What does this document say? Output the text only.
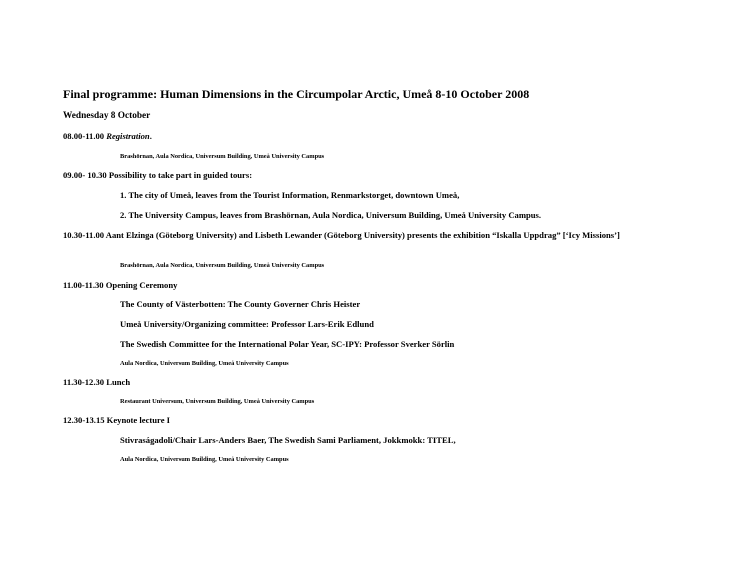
Final programme: Human Dimensions in the Circumpolar Arctic, Umeå 8-10 October 2008
Wednesday 8 October
08.00-11.00 Registration.
Brashörnan, Aula Nordica, Universum Building, Umeå University Campus
09.00- 10.30 Possibility to take part in guided tours:
1. The city of Umeå, leaves from the Tourist Information, Renmarkstorget, downtown Umeå,
2. The University Campus, leaves from Brashörnan, Aula Nordica, Universum Building, Umeå University Campus.
10.30-11.00 Aant Elzinga (Göteborg University) and Lisbeth Lewander (Göteborg University) presents the exhibition “Iskalla Uppdrag” [‘Icy Missions’]
Brashörnan, Aula Nordica, Universum Building, Umeå University Campus
11.00-11.30 Opening Ceremony
The County of Västerbotten: The County Governer Chris Heister
Umeå University/Organizing committee: Professor Lars-Erik Edlund
The Swedish Committee for the International Polar Year, SC-IPY: Professor Sverker Sörlin
Aula Nordica, Universum Building, Umeå University Campus
11.30-12.30 Lunch
Restaurant Universum, Universum Building, Umeå University Campus
12.30-13.15 Keynote lecture I
Stivraságadoli/Chair Lars-Anders Baer, The Swedish Sami Parliament, Jokkmokk: TITEL,
Aula Nordica, Universum Building, Umeå University Campus
